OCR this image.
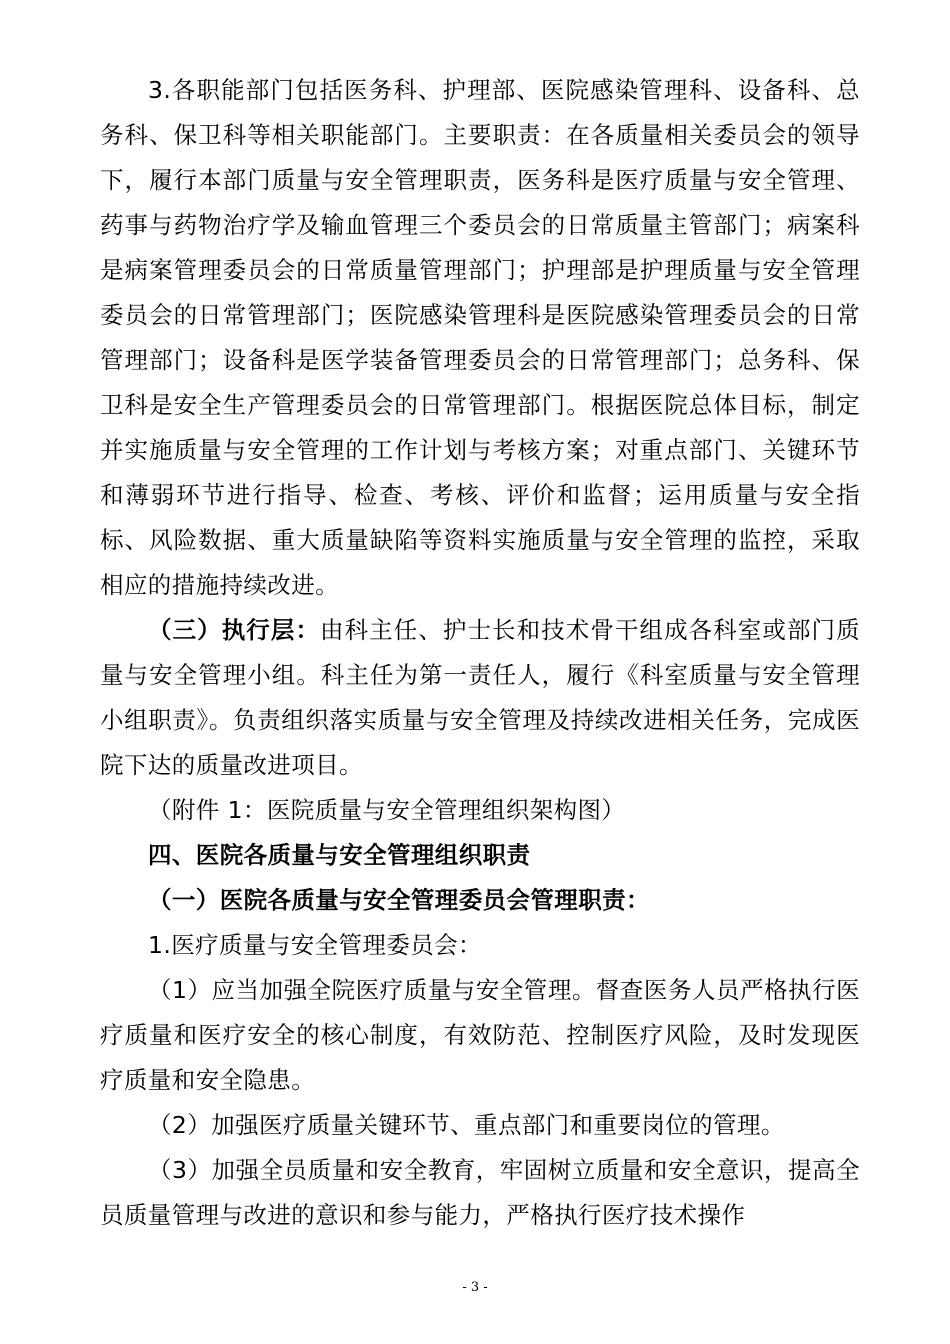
3.各职能部门包括医务科、护理部、医院感染管理科、设备科、总务科、保卫科等相关职能部门。主要职责：在各质量相关委员会的领导下，履行本部门质量与安全管理职责，医务科是医疗质量与安全管理、药事与药物治疗学及输血管理三个委员会的日常质量主管部门；病案科是病案管理委员会的日常质量管理部门；护理部是护理质量与安全管理委员会的日常管理部门；医院感染管理科是医院感染管理委员会的日常管理部门；设备科是医学装备管理委员会的日常管理部门；总务科、保卫科是安全生产管理委员会的日常管理部门。根据医院总体目标，制定并实施质量与安全管理的工作计划与考核方案；对重点部门、关键环节和薄弱环节进行指导、检查、考核、评价和监督；运用质量与安全指标、风险数据、重大质量缺陷等资料实施质量与安全管理的监控，采取相应的措施持续改进。

（三）执行层：由科主任、护士长和技术骨干组成各科室或部门质量与安全管理小组。科主任为第一责任人，履行《科室质量与安全管理小组职责》。负责组织落实质量与安全管理及持续改进相关任务，完成医院下达的质量改进项目。

（附件 1：医院质量与安全管理组织架构图）

四、医院各质量与安全管理组织职责

（一）医院各质量与安全管理委员会管理职责：

1.医疗质量与安全管理委员会：

（1）应当加强全院医疗质量与安全管理。督查医务人员严格执行医疗质量和医疗安全的核心制度，有效防范、控制医疗风险，及时发现医疗质量和安全隐患。

（2）加强医疗质量关键环节、重点部门和重要岗位的管理。

（3）加强全员质量和安全教育，牢固树立质量和安全意识，提高全员质量管理与改进的意识和参与能力，严格执行医疗技术操作

- 3 -
